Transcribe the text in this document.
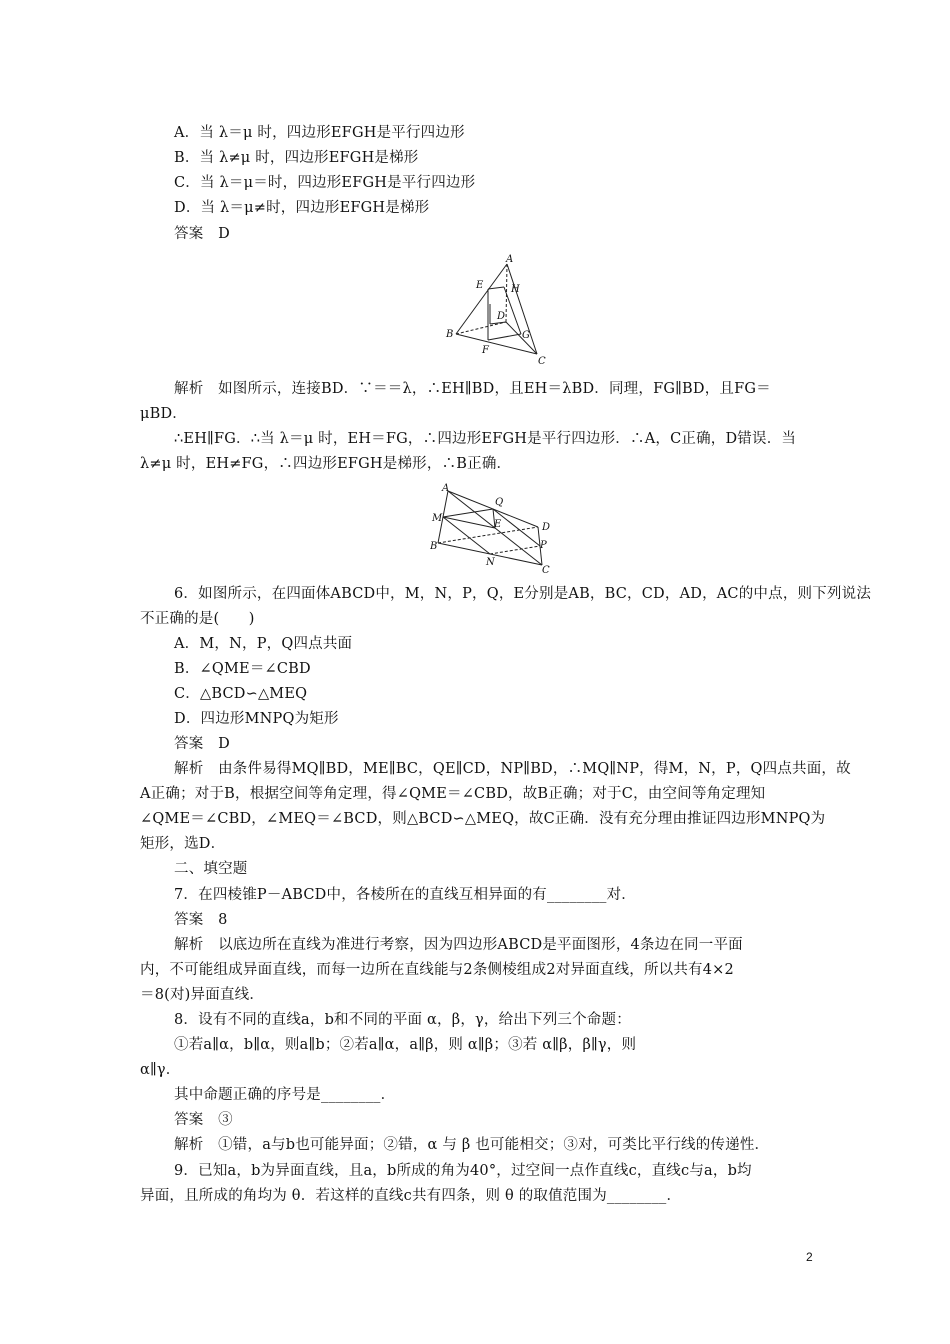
A．当 λ＝μ 时，四边形EFGH是平行四边形
B．当 λ≠μ 时，四边形EFGH是梯形
C．当 λ＝μ＝时，四边形EFGH是平行四边形
D．当 λ＝μ≠时，四边形EFGH是梯形
答案　D
A
E	H
B
D
G
F
C
解析　如图所示，连接BD．∵＝＝λ，∴EH∥BD，且EH＝λBD．同理，FG∥BD，且FG＝
μBD．
∴EH∥FG．∴当 λ＝μ 时，EH＝FG，∴四边形EFGH是平行四边形．∴A，C正确，D错误．当
λ≠μ 时，EH≠FG，∴四边形EFGH是梯形，∴B正确．
A
Q
M
E	D
B	P
N
C
6．如图所示，在四面体ABCD中，M，N，P，Q，E分别是AB，BC，CD，AD，AC的中点，则下列说法
不正确的是(　　)
A．M，N，P，Q四点共面
B．∠QME＝∠CBD
C．△BCD∽△MEQ
D．四边形MNPQ为矩形
答案　D
解析　由条件易得MQ∥BD，ME∥BC，QE∥CD，NP∥BD，∴MQ∥NP，得M，N，P，Q四点共面，故
A正确；对于B，根据空间等角定理，得∠QME＝∠CBD，故B正确；对于C，由空间等角定理知
∠QME＝∠CBD，∠MEQ＝∠BCD，则△BCD∽△MEQ，故C正确．没有充分理由推证四边形MNPQ为
矩形，选D．
二、填空题
7．在四棱锥P－ABCD中，各棱所在的直线互相异面的有________对．
答案　8
解析　以底边所在直线为准进行考察，因为四边形ABCD是平面图形，4条边在同一平面
内，不可能组成异面直线，而每一边所在直线能与2条侧棱组成2对异面直线，所以共有4×2
＝8(对)异面直线．
8．设有不同的直线a，b和不同的平面 α，β，γ，给出下列三个命题：
①若a∥α，b∥α，则a∥b；②若a∥α，a∥β，则 α∥β；③若 α∥β，β∥γ，则
α∥γ．
其中命题正确的序号是________．
答案　③
解析　①错，a与b也可能异面；②错，α 与 β 也可能相交；③对，可类比平行线的传递性．
9．已知a，b为异面直线，且a，b所成的角为40°，过空间一点作直线c，直线c与a，b均
异面，且所成的角均为 θ．若这样的直线c共有四条，则 θ 的取值范围为________．
2
